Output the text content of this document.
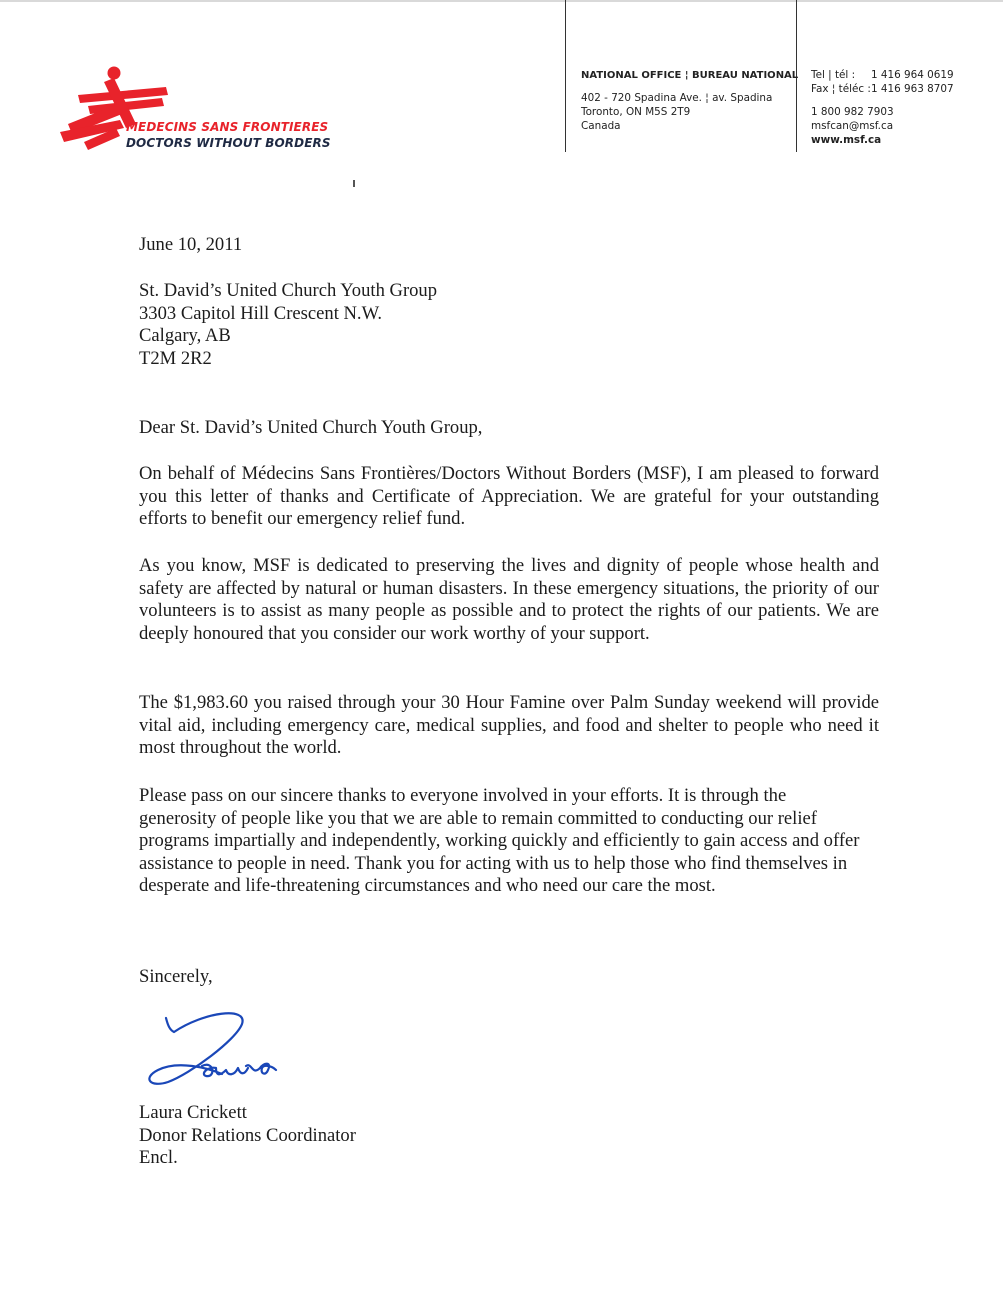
MEDECINS SANS FRONTIERES
DOCTORS WITHOUT BORDERS
NATIONAL OFFICE ¦ BUREAU NATIONAL
402 - 720 Spadina Ave. ¦ av. Spadina
Toronto, ON M5S 2T9
Canada
Tel | tél :	1 416 964 0619
Fax ¦ téléc : 1 416 963 8707
1 800 982 7903
msfcan@msf.ca
www.msf.ca
June 10, 2011
St. David’s United Church Youth Group
3303 Capitol Hill Crescent N.W.
Calgary, AB
T2M 2R2
Dear St. David’s United Church Youth Group,
On behalf of Médecins Sans Frontières/Doctors Without Borders (MSF), I am pleased to forward you this letter of thanks and Certificate of Appreciation. We are grateful for your outstanding efforts to benefit our emergency relief fund.
As you know, MSF is dedicated to preserving the lives and dignity of people whose health and safety are affected by natural or human disasters. In these emergency situations, the priority of our volunteers is to assist as many people as possible and to protect the rights of our patients. We are deeply honoured that you consider our work worthy of your support.
The $1,983.60 you raised through your 30 Hour Famine over Palm Sunday weekend will provide vital aid, including emergency care, medical supplies, and food and shelter to people who need it most throughout the world.
Please pass on our sincere thanks to everyone involved in your efforts. It is through the generosity of people like you that we are able to remain committed to conducting our relief programs impartially and independently, working quickly and efficiently to gain access and offer assistance to people in need. Thank you for acting with us to help those who find themselves in desperate and life-threatening circumstances and who need our care the most.
Sincerely,
Laura Crickett
Donor Relations Coordinator
Encl.
